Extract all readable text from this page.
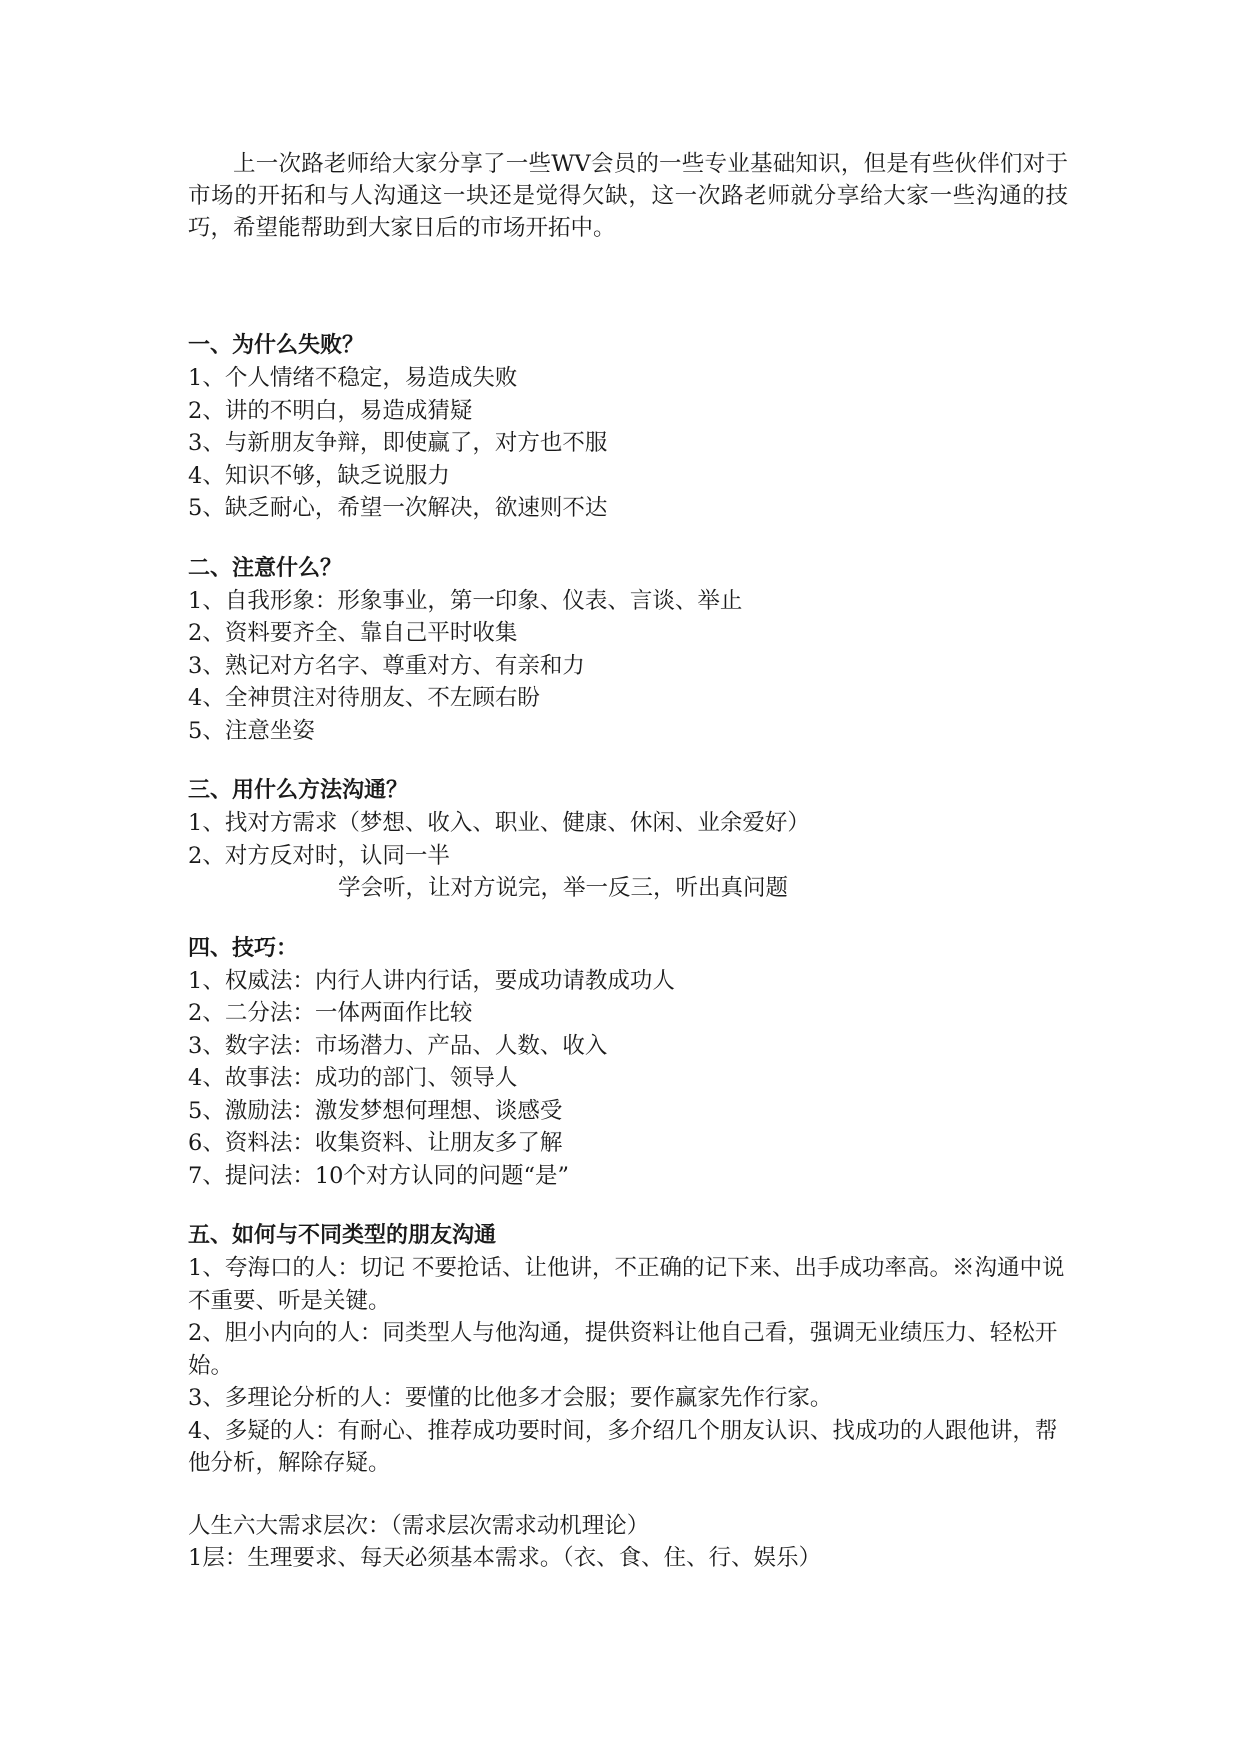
上一次路老师给大家分享了一些WV会员的一些专业基础知识，但是有些伙伴们对于市场的开拓和与人沟通这一块还是觉得欠缺，这一次路老师就分享给大家一些沟通的技巧，希望能帮助到大家日后的市场开拓中。

一、为什么失败？

1、个人情绪不稳定，易造成失败

2、讲的不明白，易造成猜疑

3、与新朋友争辩，即使赢了，对方也不服

4、知识不够，缺乏说服力

5、缺乏耐心，希望一次解决，欲速则不达

二、注意什么？

1、自我形象：形象事业，第一印象、仪表、言谈、举止

2、资料要齐全、靠自己平时收集

3、熟记对方名字、尊重对方、有亲和力

4、全神贯注对待朋友、不左顾右盼

5、注意坐姿

三、用什么方法沟通？

1、找对方需求（梦想、收入、职业、健康、休闲、业余爱好）

2、对方反对时，认同一半

学会听，让对方说完，举一反三，听出真问题

四、技巧：

1、权威法：内行人讲内行话，要成功请教成功人

2、二分法：一体两面作比较

3、数字法：市场潜力、产品、人数、收入

4、故事法：成功的部门、领导人

5、激励法：激发梦想何理想、谈感受

6、资料法：收集资料、让朋友多了解

7、提问法：10个对方认同的问题“是”

五、如何与不同类型的朋友沟通

1、夸海口的人：切记 不要抢话、让他讲，不正确的记下来、出手成功率高。※沟通中说不重要、听是关键。

2、胆小内向的人：同类型人与他沟通，提供资料让他自己看，强调无业绩压力、轻松开始。

3、多理论分析的人：要懂的比他多才会服；要作赢家先作行家。

4、多疑的人：有耐心、推荐成功要时间，多介绍几个朋友认识、找成功的人跟他讲，帮他分析，解除存疑。

人生六大需求层次：（需求层次需求动机理论）

1层：生理要求、每天必须基本需求。（衣、食、住、行、娱乐）
